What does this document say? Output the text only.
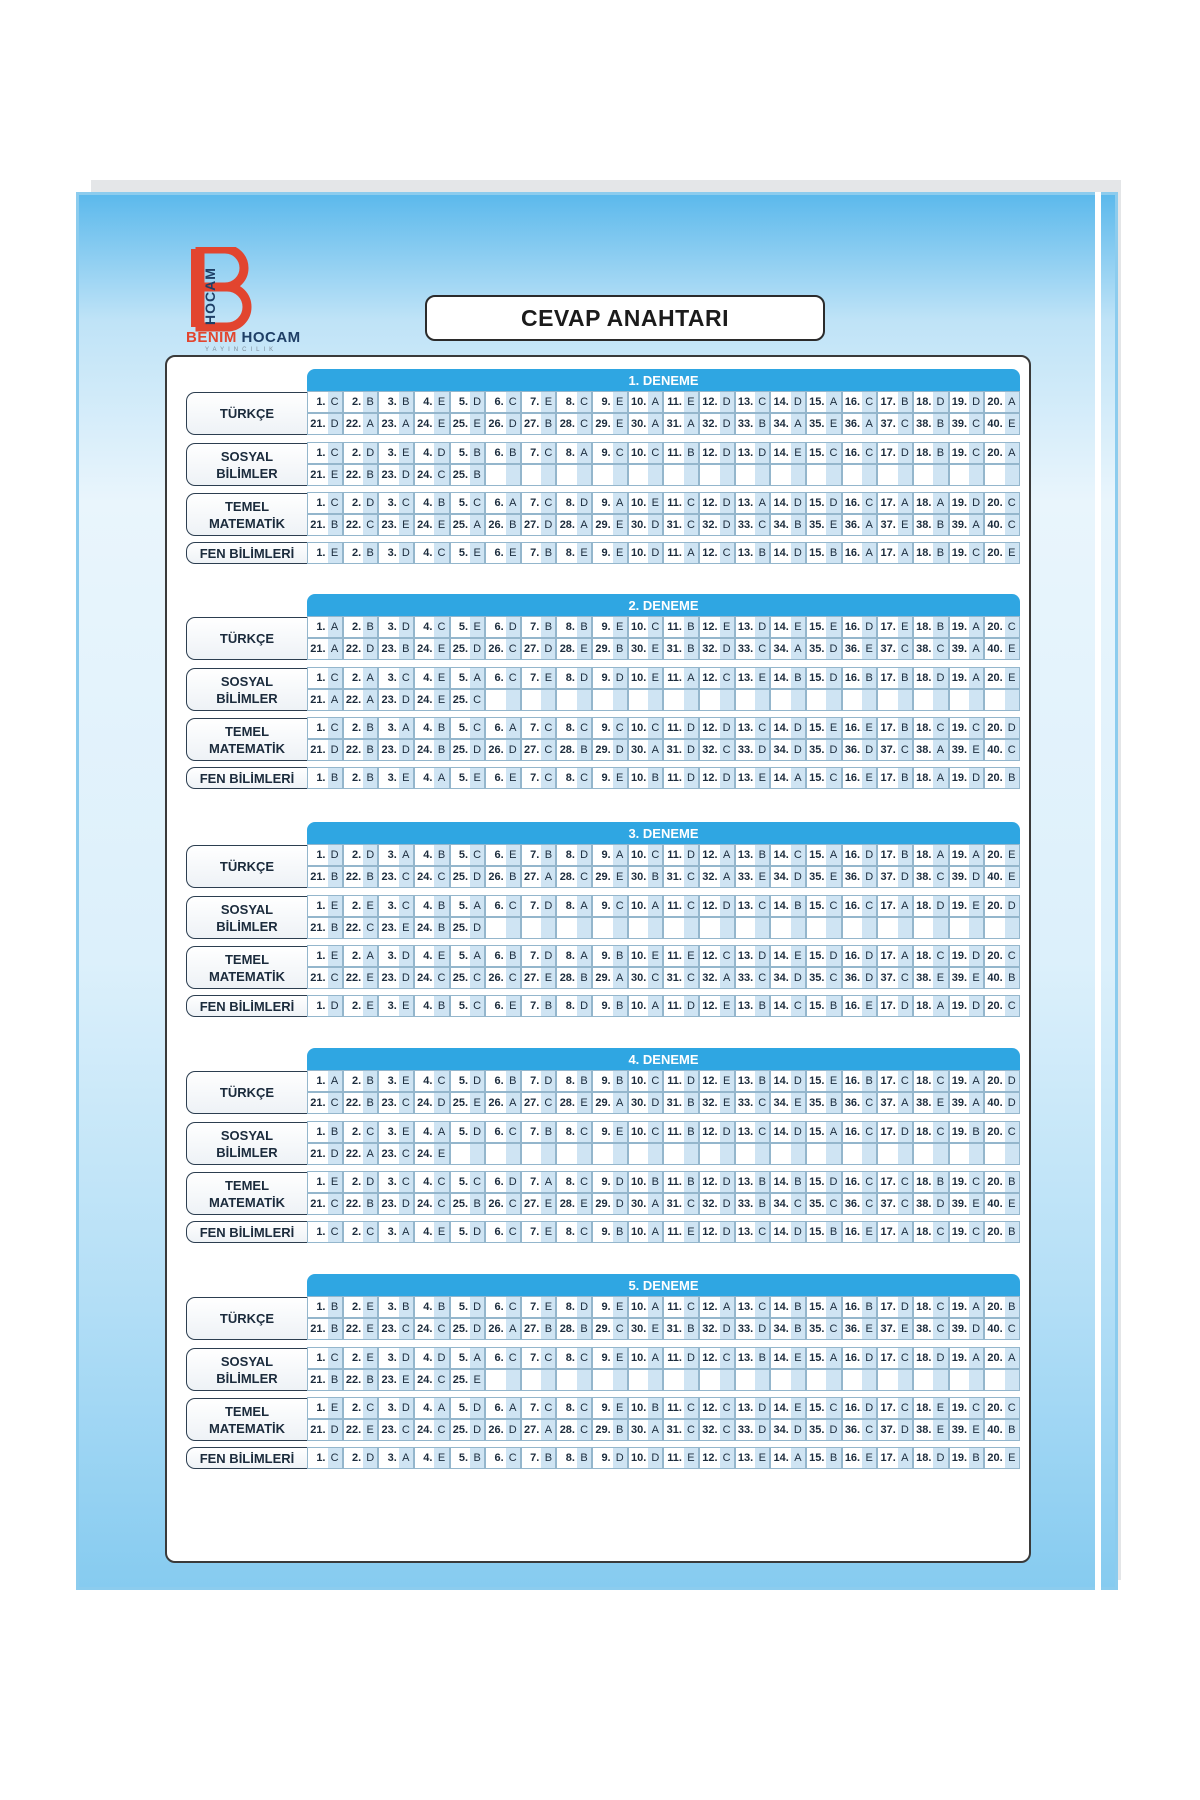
HOCAM
BENİM HOCAM
YAYINCILIK
CEVAP ANAHTARI
1. DENEME
TÜRKÇE
1. C	2. B	3. B	4. E	5. D	6. C	7. E	8. C	9. E 10. A 11. E 12. D 13. C 14. D 15. A 16. C 17. B 18. D 19. D 20. A
21. D 22. A 23. A 24. E 25. E 26. D 27. B 28. C 29. E 30. A 31. A 32. D 33. B 34. A 35. E 36. A 37. C 38. B 39. C 40. E
SOSYAL
BİLİMLER
1. C	2. D	3. E	4. D	5. B	6. B	7. C	8. A	9. C 10. C 11. B 12. D 13. D 14. E 15. C 16. C 17. D 18. B 19. C 20. A
21. E 22. B 23. D 24. C 25. B
TEMEL
MATEMATİK
1. C	2. D	3. C	4. B	5. C	6. A	7. C	8. D	9. A 10. E 11. C 12. D 13. A 14. D 15. D 16. C 17. A 18. A 19. D 20. C
21. B 22. C 23. E 24. E 25. A 26. B 27. D 28. A 29. E 30. D 31. C 32. D 33. C 34. B 35. E 36. A 37. E 38. B 39. A 40. C
FEN BİLİMLERİ	1. E	2. B	3. D	4. C	5. E	6. E	7. B	8. E	9. E 10. D 11. A 12. C 13. B 14. D 15. B 16. A 17. A 18. B 19. C 20. E
2. DENEME
TÜRKÇE
1. A	2. B	3. D	4. C	5. E	6. D	7. B	8. B	9. E 10. C 11. B 12. E 13. D 14. E 15. E 16. D 17. E 18. B 19. A 20. C
21. A 22. D 23. B 24. E 25. D 26. C 27. D 28. E 29. B 30. E 31. B 32. D 33. C 34. A 35. D 36. E 37. C 38. C 39. A 40. E
SOSYAL
BİLİMLER
1. C	2. A	3. C	4. E	5. A	6. C	7. E	8. D	9. D 10. E 11. A 12. C 13. E 14. B 15. D 16. B 17. B 18. D 19. A 20. E
21. A 22. A 23. D 24. E 25. C
TEMEL
MATEMATİK
1. C	2. B	3. A	4. B	5. C	6. A	7. C	8. C	9. C 10. C 11. D 12. D 13. C 14. D 15. E 16. E 17. B 18. C 19. C 20. D
21. D 22. B 23. D 24. B 25. D 26. D 27. C 28. B 29. D 30. A 31. D 32. C 33. D 34. D 35. D 36. D 37. C 38. A 39. E 40. C
FEN BİLİMLERİ	1. B	2. B	3. E	4. A	5. E	6. E	7. C	8. C	9. E 10. B 11. D 12. D 13. E 14. A 15. C 16. E 17. B 18. A 19. D 20. B
3. DENEME
TÜRKÇE
1. D	2. D	3. A	4. B	5. C	6. E	7. B	8. D	9. A 10. C 11. D 12. A 13. B 14. C 15. A 16. D 17. B 18. A 19. A 20. E
21. B 22. B 23. C 24. C 25. D 26. B 27. A 28. C 29. E 30. B 31. C 32. A 33. E 34. D 35. E 36. D 37. D 38. C 39. D 40. E
SOSYAL
BİLİMLER
1. E	2. E	3. C	4. B	5. A	6. C	7. D	8. A	9. C 10. A 11. C 12. D 13. C 14. B 15. C 16. C 17. A 18. D 19. E 20. D
21. B 22. C 23. E 24. B 25. D
TEMEL
MATEMATİK
1. E	2. A	3. D	4. E	5. A	6. B	7. D	8. A	9. B 10. E 11. E 12. C 13. D 14. E 15. D 16. D 17. A 18. C 19. D 20. C
21. C 22. E 23. D 24. C 25. C 26. C 27. E 28. B 29. A 30. C 31. C 32. A 33. C 34. D 35. C 36. D 37. C 38. E 39. E 40. B
FEN BİLİMLERİ	1. D	2. E	3. E	4. B	5. C	6. E	7. B	8. D	9. B 10. A 11. D 12. E 13. B 14. C 15. B 16. E 17. D 18. A 19. D 20. C
4. DENEME
TÜRKÇE
1. A	2. B	3. E	4. C	5. D	6. B	7. D	8. B	9. B 10. C 11. D 12. E 13. B 14. D 15. E 16. B 17. C 18. C 19. A 20. D
21. C 22. B 23. C 24. D 25. E 26. A 27. C 28. E 29. A 30. D 31. B 32. E 33. C 34. E 35. B 36. C 37. A 38. E 39. A 40. D
SOSYAL
BİLİMLER
1. B	2. C	3. E	4. A	5. D	6. C	7. B	8. C	9. E 10. C 11. B 12. D 13. C 14. D 15. A 16. C 17. D 18. C 19. B 20. C
21. D 22. A 23. C 24. E
TEMEL
MATEMATİK
1. E	2. D	3. C	4. C	5. C	6. D	7. A	8. C	9. D 10. B 11. B 12. D 13. B 14. B 15. D 16. C 17. C 18. B 19. C 20. B
21. C 22. B 23. D 24. C 25. B 26. C 27. E 28. E 29. D 30. A 31. C 32. D 33. B 34. C 35. C 36. C 37. C 38. D 39. E 40. E
FEN BİLİMLERİ	1. C	2. C	3. A	4. E	5. D	6. C	7. E	8. C	9. B 10. A 11. E 12. D 13. C 14. D 15. B 16. E 17. A 18. C 19. C 20. B
5. DENEME
TÜRKÇE
1. B	2. E	3. B	4. B	5. D	6. C	7. E	8. D	9. E 10. A 11. C 12. A 13. C 14. B 15. A 16. B 17. D 18. C 19. A 20. B
21. B 22. E 23. C 24. C 25. D 26. A 27. B 28. B 29. C 30. E 31. B 32. D 33. D 34. B 35. C 36. E 37. E 38. C 39. D 40. C
SOSYAL
BİLİMLER
1. C	2. E	3. D	4. D	5. A	6. C	7. C	8. C	9. E 10. A 11. D 12. C 13. B 14. E 15. A 16. D 17. C 18. D 19. A 20. A
21. B 22. B 23. E 24. C 25. E
TEMEL
MATEMATİK
1. E	2. C	3. D	4. A	5. D	6. A	7. C	8. C	9. E 10. B 11. C 12. C 13. D 14. E 15. C 16. D 17. C 18. E 19. C 20. C
21. D 22. E 23. C 24. C 25. D 26. D 27. A 28. C 29. B 30. A 31. C 32. C 33. D 34. D 35. D 36. C 37. D 38. E 39. E 40. B
FEN BİLİMLERİ	1. C	2. D	3. A	4. E	5. B	6. C	7. B	8. B	9. D 10. D 11. E 12. C 13. E 14. A 15. B 16. E 17. A 18. D 19. B 20. E
